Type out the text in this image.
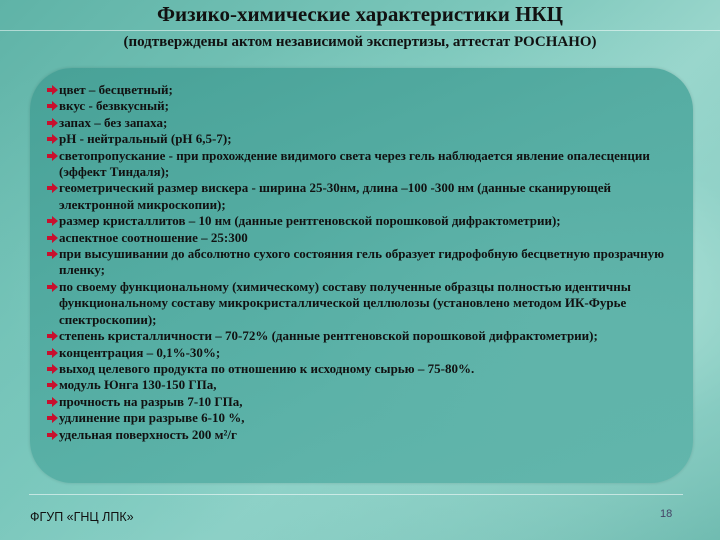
Физико-химические характеристики НКЦ
(подтверждены актом независимой экспертизы, аттестат РОСНАНО)
цвет – бесцветный;
вкус - безвкусный;
запах – без запаха;
рН - нейтральный (рН 6,5-7);
светопропускание - при прохождение видимого света через гель наблюдается явление опалесценции (эффект Тиндаля);
геометрический размер вискера - ширина 25-30нм, длина –100 -300 нм (данные сканирующей электронной микроскопии);
размер кристаллитов – 10 нм (данные рентгеновской порошковой дифрактометрии);
аспектное соотношение – 25:300
при высушивании до абсолютно сухого состояния гель образует гидрофобную бесцветную прозрачную пленку;
по своему функциональному (химическому) составу полученные образцы полностью идентичны функциональному составу микрокристаллической целлюлозы (установлено методом ИК-Фурье спектроскопии);
степень кристалличности – 70-72% (данные рентгеновской порошковой дифрактометрии);
концентрация – 0,1%-30%;
выход целевого продукта по отношению к исходному сырью – 75-80%.
модуль Юнга 130-150 ГПа,
прочность на разрыв 7-10 ГПа,
удлинение при разрыве 6-10 %,
удельная поверхность 200 м²/г
ФГУП «ГНЦ ЛПК»	18
